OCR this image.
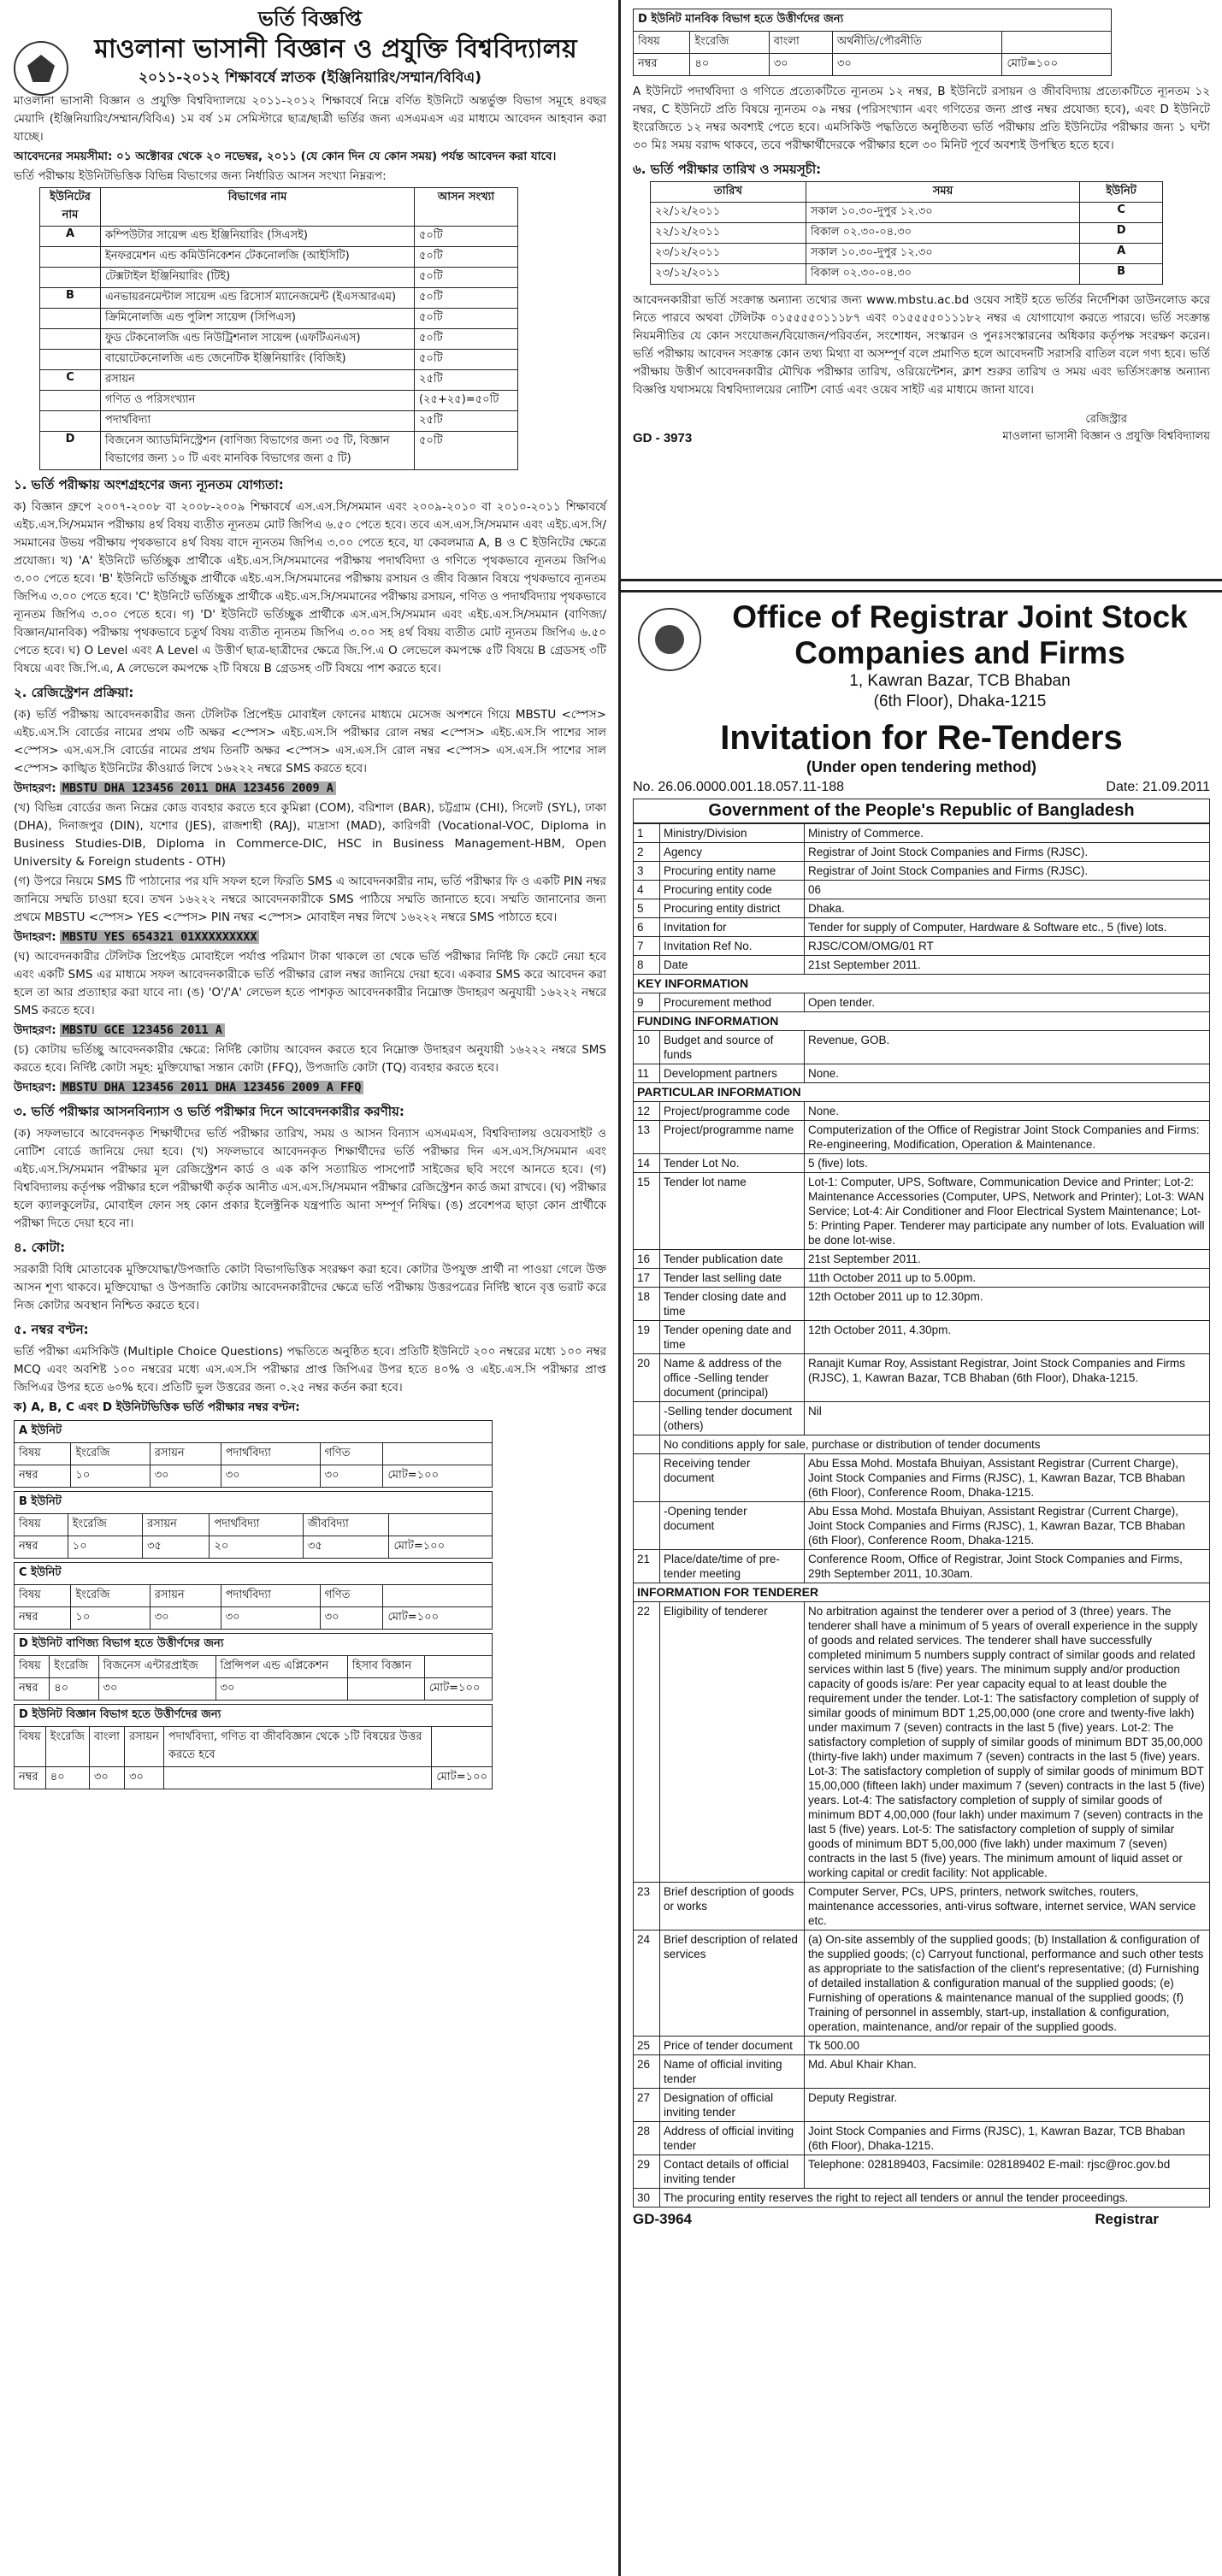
ভর্তি বিজ্ঞপ্তি
মাওলানা ভাসানী বিজ্ঞান ও প্রযুক্তি বিশ্ববিদ্যালয়
২০১১-২০১২ শিক্ষাবর্ষে স্নাতক (ইঞ্জিনিয়ারিং/সম্মান/বিবিএ)
মাওলানা ভাসানী বিজ্ঞান ও প্রযুক্তি বিশ্ববিদ্যালয়ে ২০১১-২০১২ শিক্ষাবর্ষে নিম্নে বর্ণিত ইউনিটে অন্তর্ভুক্ত বিভাগ সমূহে ৪বছর মেয়াদি (ইঞ্জিনিয়ারিং/সম্মান/বিবিএ) ১ম বর্ষ ১ম সেমিস্টারে ছাত্র/ছাত্রী ভর্তির জন্য এসএমএস এর মাধ্যমে আবেদন আহবান করা যাচ্ছে।
আবেদনের সময়সীমা: ০১ অক্টোবর থেকে ২০ নভেম্বর, ২০১১ (যে কোন দিন যে কোন সময়) পর্যন্ত আবেদন করা যাবে।
ভর্তি পরীক্ষায় ইউনিটভিত্তিক বিভিন্ন বিভাগের জন্য নির্ধারিত আসন সংখ্যা নিম্নরূপ:
ইউনিটের নাম	বিভাগের নাম	আসন সংখ্যা
A	কম্পিউটার সায়েন্স এন্ড ইঞ্জিনিয়ারিং (সিএসই)	৫০টি
	ইনফরমেশন এন্ড কমিউনিকেশন টেকনোলজি (আইসিটি)	৫০টি
	টেক্সটাইল ইঞ্জিনিয়ারিং (টিই)	৫০টি
B	এনভায়রনমেন্টাল সায়েন্স এন্ড রিসোর্স ম্যানেজমেন্ট (ইএসআরএম)	৫০টি
	ক্রিমিনোলজি এন্ড পুলিশ সায়েন্স (সিপিএস)	৫০টি
	ফুড টেকনোলজি এন্ড নিউট্রিশনাল সায়েন্স (এফটিএনএস)	৫০টি
	বায়োটেকনোলজি এন্ড জেনেটিক ইঞ্জিনিয়ারিং (বিজিই)	৫০টি
C	রসায়ন	২৫টি
	গণিত ও পরিসংখ্যান	(২৫+২৫)=৫০টি
	পদার্থবিদ্যা	২৫টি
D	বিজনেস অ্যাডমিনিস্ট্রেশন (বাণিজ্য বিভাগের জন্য ৩৫ টি, বিজ্ঞান বিভাগের জন্য ১০ টি এবং মানবিক বিভাগের জন্য ৫ টি)	৫০টি
১. ভর্তি পরীক্ষায় অংশগ্রহণের জন্য ন্যূনতম যোগ্যতা:
ক) বিজ্ঞান গ্রুপে ২০০৭-২০০৮ বা ২০০৮-২০০৯ শিক্ষাবর্ষে এস.এস.সি/সমমান এবং ২০০৯-২০১০ বা ২০১০-২০১১ শিক্ষাবর্ষে এইচ.এস.সি/সমমান পরীক্ষায় ৪র্থ বিষয় ব্যতীত ন্যূনতম মোট জিপিএ ৬.৫০ পেতে হবে। তবে এস.এস.সি/সমমান এবং এইচ.এস.সি/সমমানের উভয় পরীক্ষায় পৃথকভাবে ৪র্থ বিষয় বাদে ন্যূনতম জিপিএ ৩.০০ পেতে হবে, যা কেবলমাত্র A, B ও C ইউনিটের ক্ষেত্রে প্রযোজ্য। খ) 'A' ইউনিটে ভর্তিচ্ছুক প্রার্থীকে এইচ.এস.সি/সমমানের পরীক্ষায় পদার্থবিদ্যা ও গণিতে পৃথকভাবে ন্যূনতম জিপিএ ৩.০০ পেতে হবে। 'B' ইউনিটে ভর্তিচ্ছুক প্রার্থীকে এইচ.এস.সি/সমমানের পরীক্ষায় রসায়ন ও জীব বিজ্ঞান বিষয়ে পৃথকভাবে ন্যূনতম জিপিএ ৩.০০ পেতে হবে। 'C' ইউনিটে ভর্তিচ্ছুক প্রার্থীকে এইচ.এস.সি/সমমানের পরীক্ষায় রসায়ন, গণিত ও পদার্থবিদ্যায় পৃথকভাবে ন্যূনতম জিপিএ ৩.০০ পেতে হবে। গ) 'D' ইউনিটে ভর্তিচ্ছুক প্রার্থীকে এস.এস.সি/সমমান এবং এইচ.এস.সি/সমমান (বাণিজ্য/বিজ্ঞান/মানবিক) পরীক্ষায় পৃথকভাবে চতুর্থ বিষয় ব্যতীত ন্যূনতম জিপিএ ৩.০০ সহ ৪র্থ বিষয় ব্যতীত মোট ন্যূনতম জিপিএ ৬.৫০ পেতে হবে। ঘ) O Level এবং A Level এ উত্তীর্ণ ছাত্র-ছাত্রীদের ক্ষেত্রে জি.পি.এ O লেভেলে কমপক্ষে ৫টি বিষয়ে B গ্রেডসহ ৩টি বিষয়ে এবং জি.পি.এ, A লেভেলে কমপক্ষে ২টি বিষয়ে B গ্রেডসহ ৩টি বিষয়ে পাশ করতে হবে।
২. রেজিস্ট্রেশন প্রক্রিয়া:
(ক) ভর্তি পরীক্ষায় আবেদনকারীর জন্য টেলিটক প্রিপেইড মোবাইল ফোনের মাধ্যমে মেসেজ অপশনে গিয়ে MBSTU <স্পেস> এইচ.এস.সি বোর্ডের নামের প্রথম ৩টি অক্ষর <স্পেস> এইচ.এস.সি পরীক্ষার রোল নম্বর <স্পেস> এইচ.এস.সি পাশের সাল <স্পেস> এস.এস.সি বোর্ডের নামের প্রথম তিনটি অক্ষর <স্পেস> এস.এস.সি রোল নম্বর <স্পেস> এস.এস.সি পাশের সাল <স্পেস> কাঙ্খিত ইউনিটের কীওয়ার্ড লিখে ১৬২২২ নম্বরে SMS করতে হবে।
উদাহরণ: MBSTU DHA 123456 2011 DHA 123456 2009 A
(খ) বিভিন্ন বোর্ডের জন্য নিম্নের কোড ব্যবহার করতে হবে কুমিল্লা (COM), বরিশাল (BAR), চট্টগ্রাম (CHI), সিলেট (SYL), ঢাকা (DHA), দিনাজপুর (DIN), যশোর (JES), রাজশাহী (RAJ), মাদ্রাসা (MAD), কারিগরী (Vocational-VOC, Diploma in Business Studies-DIB, Diploma in Commerce-DIC, HSC in Business Management-HBM, Open University & Foreign students - OTH)
(গ) উপরে নিয়মে SMS টি পাঠানোর পর যদি সফল হলে ফিরতি SMS এ আবেদনকারীর নাম, ভর্তি পরীক্ষার ফি ও একটি PIN নম্বর জানিয়ে সম্মতি চাওয়া হবে। তখন ১৬২২২ নম্বরে আবেদনকারীকে SMS পাঠিয়ে সম্মতি জানাতে হবে। সম্মতি জানানোর জন্য প্রথমে MBSTU <স্পেস> YES <স্পেস> PIN নম্বর <স্পেস> মোবাইল নম্বর লিখে ১৬২২২ নম্বরে SMS পাঠাতে হবে।
উদাহরণ: MBSTU YES 654321 01XXXXXXXXX
(ঘ) আবেদনকারীর টেলিটক প্রিপেইড মোবাইলে পর্যাপ্ত পরিমাণ টাকা থাকলে তা থেকে ভর্তি পরীক্ষার নির্দিষ্ট ফি কেটে নেয়া হবে এবং একটি SMS এর মাধ্যমে সফল আবেদনকারীকে ভর্তি পরীক্ষার রোল নম্বর জানিয়ে দেয়া হবে। একবার SMS করে আবেদন করা হলে তা আর প্রত্যাহার করা যাবে না। (ঙ) 'O'/'A' লেভেল হতে পাশকৃত আবেদনকারীর নিম্নোক্ত উদাহরণ অনুযায়ী ১৬২২২ নম্বরে SMS করতে হবে।
উদাহরণ: MBSTU GCE 123456 2011 A
(চ) কোটায় ভর্তিচ্ছু আবেদনকারীর ক্ষেত্রে: নির্দিষ্ট কোটায় আবেদন করতে হবে নিম্নোক্ত উদাহরণ অনুযায়ী ১৬২২২ নম্বরে SMS করতে হবে। নির্দিষ্ট কোটা সমূহ: মুক্তিযোদ্ধা সন্তান কোটা (FFQ), উপজাতি কোটা (TQ) ব্যবহার করতে হবে।
উদাহরণ: MBSTU DHA 123456 2011 DHA 123456 2009 A FFQ
৩. ভর্তি পরীক্ষার আসনবিন্যাস ও ভর্তি পরীক্ষার দিনে আবেদনকারীর করণীয়:
(ক) সফলভাবে আবেদনকৃত শিক্ষার্থীদের ভর্তি পরীক্ষার তারিখ, সময় ও আসন বিন্যাস এসএমএস, বিশ্ববিদ্যালয় ওয়েবসাইট ও নোটিশ বোর্ডে জানিয়ে দেয়া হবে। (খ) সফলভাবে আবেদনকৃত শিক্ষার্থীদের ভর্তি পরীক্ষার দিন এস.এস.সি/সমমান এবং এইচ.এস.সি/সমমান পরীক্ষার মূল রেজিস্ট্রেশন কার্ড ও এক কপি সত্যায়িত পাসপোর্ট সাইজের ছবি সংগে আনতে হবে। (গ) বিশ্ববিদ্যালয় কর্তৃপক্ষ পরীক্ষার হলে পরীক্ষার্থী কর্তৃক আনীত এস.এস.সি/সমমান পরীক্ষার রেজিস্ট্রেশন কার্ড জমা রাখবে। (ঘ) পরীক্ষার হলে ক্যালকুলেটর, মোবাইল ফোন সহ কোন প্রকার ইলেক্ট্রনিক যন্ত্রপাতি আনা সম্পূর্ণ নিষিদ্ধ। (ঙ) প্রবেশপত্র ছাড়া কোন প্রার্থীকে পরীক্ষা দিতে দেয়া হবে না।
৪. কোটা:
সরকারী বিধি মোতাবেক মুক্তিযোদ্ধা/উপজাতি কোটা বিভাগভিত্তিক সংরক্ষণ করা হবে। কোটার উপযুক্ত প্রার্থী না পাওয়া গেলে উক্ত আসন শূণ্য থাকবে। মুক্তিযোদ্ধা ও উপজাতি কোটায় আবেদনকারীদের ক্ষেত্রে ভর্তি পরীক্ষায় উত্তরপত্রের নির্দিষ্ট স্থানে বৃত্ত ভরাট করে নিজ কোটার অবস্থান নিশ্চিত করতে হবে।
৫. নম্বর বণ্টন:
ভর্তি পরীক্ষা এমসিকিউ (Multiple Choice Questions) পদ্ধতিতে অনুষ্ঠিত হবে। প্রতিটি ইউনিটে ২০০ নম্বরের মধ্যে ১০০ নম্বর MCQ এবং অবশিষ্ট ১০০ নম্বরের মধ্যে এস.এস.সি পরীক্ষার প্রাপ্ত জিপিএর উপর হতে ৪০% ও এইচ.এস.সি পরীক্ষার প্রাপ্ত জিপিএর উপর হতে ৬০% হবে। প্রতিটি ভুল উত্তরের জন্য ০.২৫ নম্বর কর্তন করা হবে।
ক) A, B, C এবং D ইউনিটভিত্তিক ভর্তি পরীক্ষার নম্বর বণ্টন:
A ইউনিট					
বিষয়	ইংরেজি	রসায়ন	পদার্থবিদ্যা	গণিত	
নম্বর	১০	৩০	৩০	৩০	মোট=১০০
B ইউনিট					
বিষয়	ইংরেজি	রসায়ন	পদার্থবিদ্যা	জীববিদ্যা	
নম্বর	১০	৩৫	২০	৩৫	মোট=১০০
C ইউনিট					
বিষয়	ইংরেজি	রসায়ন	পদার্থবিদ্যা	গণিত	
নম্বর	১০	৩০	৩০	৩০	মোট=১০০
D ইউনিট বাণিজ্য বিভাগ হতে উত্তীর্ণদের জন্য					
বিষয়	ইংরেজি	বিজনেস এন্টারপ্রাইজ	প্রিন্সিপল এন্ড এপ্লিকেশন	হিসাব বিজ্ঞান	
নম্বর	৪০	৩০	৩০		মোট=১০০
D ইউনিট বিজ্ঞান বিভাগ হতে উত্তীর্ণদের জন্য					
বিষয়	ইংরেজি	বাংলা	রসায়ন	পদার্থবিদ্যা, গণিত বা জীববিজ্ঞান থেকে ১টি বিষয়ের উত্তর করতে হবে	
নম্বর	৪০	৩০	৩০		মোট=১০০
D ইউনিট মানবিক বিভাগ হতে উত্তীর্ণদের জন্য				
বিষয়	ইংরেজি	বাংলা	অর্থনীতি/পৌরনীতি	
নম্বর	৪০	৩০	৩০	মোট=১০০
A ইউনিটে পদার্থবিদ্যা ও গণিতে প্রত্যেকটিতে ন্যূনতম ১২ নম্বর, B ইউনিটে রসায়ন ও জীববিদ্যায় প্রত্যেকটিতে ন্যূনতম ১২ নম্বর, C ইউনিটে প্রতি বিষয়ে ন্যূনতম ০৯ নম্বর (পরিসংখ্যান এবং গণিতের জন্য প্রাপ্ত নম্বর প্রযোজ্য হবে), এবং D ইউনিটে ইংরেজিতে ১২ নম্বর অবশ্যই পেতে হবে। এমসিকিউ পদ্ধতিতে অনুষ্ঠিতব্য ভর্তি পরীক্ষায় প্রতি ইউনিটের পরীক্ষার জন্য ১ ঘন্টা ৩০ মিঃ সময় বরাদ্দ থাকবে, তবে পরীক্ষার্থীদেরকে পরীক্ষার হলে ৩০ মিনিট পূর্বে অবশ্যই উপস্থিত হতে হবে।
৬. ভর্তি পরীক্ষার তারিখ ও সময়সূচী:
তারিখ	সময়	ইউনিট
২২/১২/২০১১	সকাল ১০.৩০-দুপুর ১২.৩০	C
২২/১২/২০১১	বিকাল ০২.৩০-০৪.৩০	D
২৩/১২/২০১১	সকাল ১০.৩০-দুপুর ১২.৩০	A
২৩/১২/২০১১	বিকাল ০২.৩০-০৪.৩০	B
আবেদনকারীরা ভর্তি সংক্রান্ত অন্যান্য তথ্যের জন্য www.mbstu.ac.bd ওয়েব সাইট হতে ভর্তির নির্দেশিকা ডাউনলোড করে নিতে পারবে অথবা টেলিটক ০১৫৫৫৫০১১১৮৭ এবং ০১৫৫৫৫০১১১৮২ নম্বর এ যোগাযোগ করতে পারবে। ভর্তি সংক্রান্ত নিয়মনীতির যে কোন সংযোজন/বিয়োজন/পরিবর্তন, সংশোধন, সংস্কারন ও পুনঃসংস্কারনের অধিকার কর্তৃপক্ষ সংরক্ষণ করেন। ভর্তি পরীক্ষায় আবেদন সংক্রান্ত কোন তথ্য মিথ্যা বা অসম্পূর্ণ বলে প্রমাণিত হলে আবেদনটি সরাসরি বাতিল বলে গণ্য হবে। ভর্তি পরীক্ষায় উত্তীর্ণ আবেদনকারীর মৌখিক পরীক্ষার তারিখ, ওরিয়েন্টেশন, ক্লাশ শুরুর তারিখ ও সময় এবং ভর্তিসংক্রান্ত অন্যান্য বিজ্ঞপ্তি যথাসময়ে বিশ্ববিদ্যালয়ের নোটিশ বোর্ড এবং ওয়েব সাইট এর মাধ্যমে জানা যাবে।
GD - 3973
রেজিস্ট্রার
মাওলানা ভাসানী বিজ্ঞান ও প্রযুক্তি বিশ্ববিদ্যালয়
Office of Registrar Joint Stock
Companies and Firms
1, Kawran Bazar, TCB Bhaban
(6th Floor), Dhaka-1215
Invitation for Re-Tenders
(Under open tendering method)
No. 26.06.0000.001.18.057.11-188	Date: 21.09.2011
Government of the People's Republic of Bangladesh
1	Ministry/Division	Ministry of Commerce.
2	Agency	Registrar of Joint Stock Companies and Firms (RJSC).
3	Procuring entity name	Registrar of Joint Stock Companies and Firms (RJSC).
4	Procuring entity code	06
5	Procuring entity district	Dhaka.
6	Invitation for	Tender for supply of Computer, Hardware & Software etc., 5 (five) lots.
7	Invitation Ref No.	RJSC/COM/OMG/01 RT
8	Date	21st September 2011.
KEY INFORMATION		
9	Procurement method	Open tender.
FUNDING INFORMATION		
10	Budget and source of funds	Revenue, GOB.
11	Development partners	None.
PARTICULAR INFORMATION		
12	Project/programme code	None.
13	Project/programme name	Computerization of the Office of Registrar Joint Stock Companies and Firms: Re-engineering, Modification, Operation & Maintenance.
14	Tender Lot No.	5 (five) lots.
15	Tender lot name	Lot-1: Computer, UPS, Software, Communication Device and Printer; Lot-2: Maintenance Accessories (Computer, UPS, Network and Printer); Lot-3: WAN Service; Lot-4: Air Conditioner and Floor Electrical System Maintenance; Lot-5: Printing Paper. Tenderer may participate any number of lots. Evaluation will be done lot-wise.
16	Tender publication date	21st September 2011.
17	Tender last selling date	11th October 2011 up to 5.00pm.
18	Tender closing date and time	12th October 2011 up to 12.30pm.
19	Tender opening date and time	12th October 2011, 4.30pm.
20	Name & address of the office -Selling tender document (principal)	Ranajit Kumar Roy, Assistant Registrar, Joint Stock Companies and Firms (RJSC), 1, Kawran Bazar, TCB Bhaban (6th Floor), Dhaka-1215.
	-Selling tender document (others)	Nil
	No conditions apply for sale, purchase or distribution of tender documents	
	Receiving tender document	Abu Essa Mohd. Mostafa Bhuiyan, Assistant Registrar (Current Charge), Joint Stock Companies and Firms (RJSC), 1, Kawran Bazar, TCB Bhaban (6th Floor), Conference Room, Dhaka-1215.
	-Opening tender document	Abu Essa Mohd. Mostafa Bhuiyan, Assistant Registrar (Current Charge), Joint Stock Companies and Firms (RJSC), 1, Kawran Bazar, TCB Bhaban (6th Floor), Conference Room, Dhaka-1215.
21	Place/date/time of pre-tender meeting	Conference Room, Office of Registrar, Joint Stock Companies and Firms, 29th September 2011, 10.30am.
INFORMATION FOR TENDERER		
22	Eligibility of tenderer	No arbitration against the tenderer over a period of 3 (three) years. The tenderer shall have a minimum of 5 years of overall experience in the supply of goods and related services. The tenderer shall have successfully completed minimum 5 numbers supply contract of similar goods and related services within last 5 (five) years. The minimum supply and/or production capacity of goods is/are: Per year capacity equal to at least double the requirement under the tender. Lot-1: The satisfactory completion of supply of similar goods of minimum BDT 1,25,00,000 (one crore and twenty-five lakh) under maximum 7 (seven) contracts in the last 5 (five) years. Lot-2: The satisfactory completion of supply of similar goods of minimum BDT 35,00,000 (thirty-five lakh) under maximum 7 (seven) contracts in the last 5 (five) years. Lot-3: The satisfactory completion of supply of similar goods of minimum BDT 15,00,000 (fifteen lakh) under maximum 7 (seven) contracts in the last 5 (five) years. Lot-4: The satisfactory completion of supply of similar goods of minimum BDT 4,00,000 (four lakh) under maximum 7 (seven) contracts in the last 5 (five) years. Lot-5: The satisfactory completion of supply of similar goods of minimum BDT 5,00,000 (five lakh) under maximum 7 (seven) contracts in the last 5 (five) years. The minimum amount of liquid asset or working capital or credit facility: Not applicable.
23	Brief description of goods or works	Computer Server, PCs, UPS, printers, network switches, routers, maintenance accessories, anti-virus software, internet service, WAN service etc.
24	Brief description of related services	(a) On-site assembly of the supplied goods; (b) Installation & configuration of the supplied goods; (c) Carryout functional, performance and such other tests as appropriate to the satisfaction of the client's representative; (d) Furnishing of detailed installation & configuration manual of the supplied goods; (e) Furnishing of operations & maintenance manual of the supplied goods; (f) Training of personnel in assembly, start-up, installation & configuration, operation, maintenance, and/or repair of the supplied goods.
25	Price of tender document	Tk 500.00
26	Name of official inviting tender	Md. Abul Khair Khan.
27	Designation of official inviting tender	Deputy Registrar.
28	Address of official inviting tender	Joint Stock Companies and Firms (RJSC), 1, Kawran Bazar, TCB Bhaban (6th Floor), Dhaka-1215.
29	Contact details of official inviting tender	Telephone: 028189403, Facsimile: 028189402 E-mail: rjsc@roc.gov.bd
30	The procuring entity reserves the right to reject all tenders or annul the tender proceedings.	
GD-3964	Registrar
